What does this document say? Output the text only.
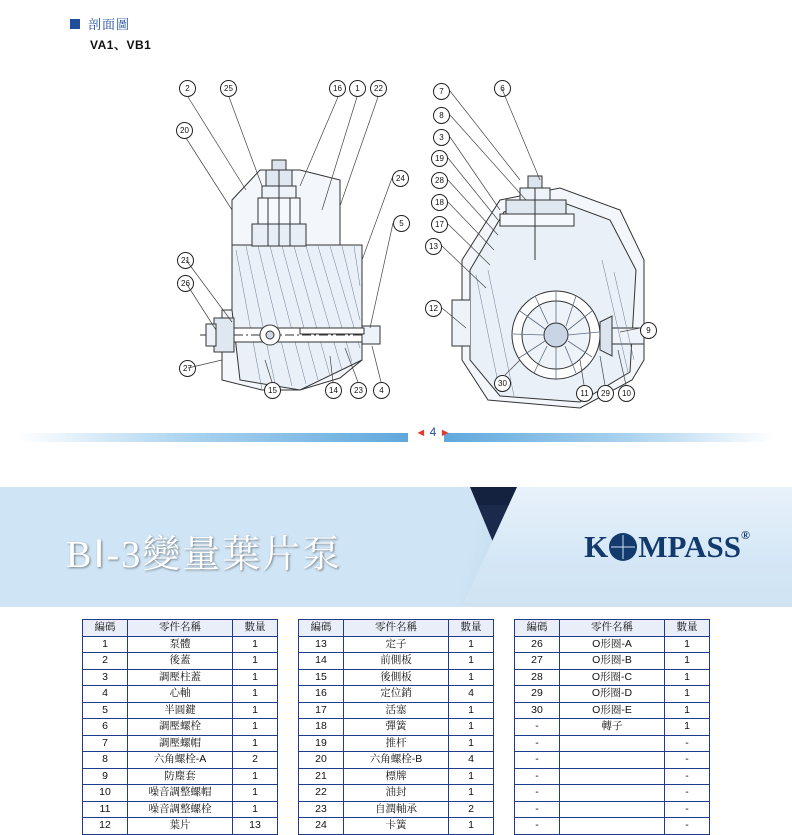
剖面圖
VA1、VB1
2	25
20
21
26
27
15	14	23	4
16	1	22
24
5
7	6
8
3
19
28
18
17
13
12
30
11	29	10
9
◄ 4 ►
BⅠ-3變量葉片泵	K MPASS ®
編碼	零件名稱	數量
1	泵體	1
2	後蓋	1
3	調壓柱蓋	1
4	心軸	1
5	半圓鍵	1
6	調壓螺栓	1
7	調壓螺帽	1
8	六角螺栓-A	2
9	防塵套	1
10	噪音調整螺帽	1
11	噪音調整螺栓	1
12	葉片	13
編碼	零件名稱	數量
13	定子	1
14	前側板	1
15	後側板	1
16	定位銷	4
17	活塞	1
18	彈簧	1
19	推杆	1
20	六角螺栓-B	4
21	標牌	1
22	油封	1
23	自潤軸承	2
24	卡簧	1
編碼	零件名稱	數量
26	O形圈-A	1
27	O形圈-B	1
28	O形圈-C	1
29	O形圈-D	1
30	O形圈-E	1
-	轉子	1
-		-
-		-
-		-
-		-
-		-
-		-
